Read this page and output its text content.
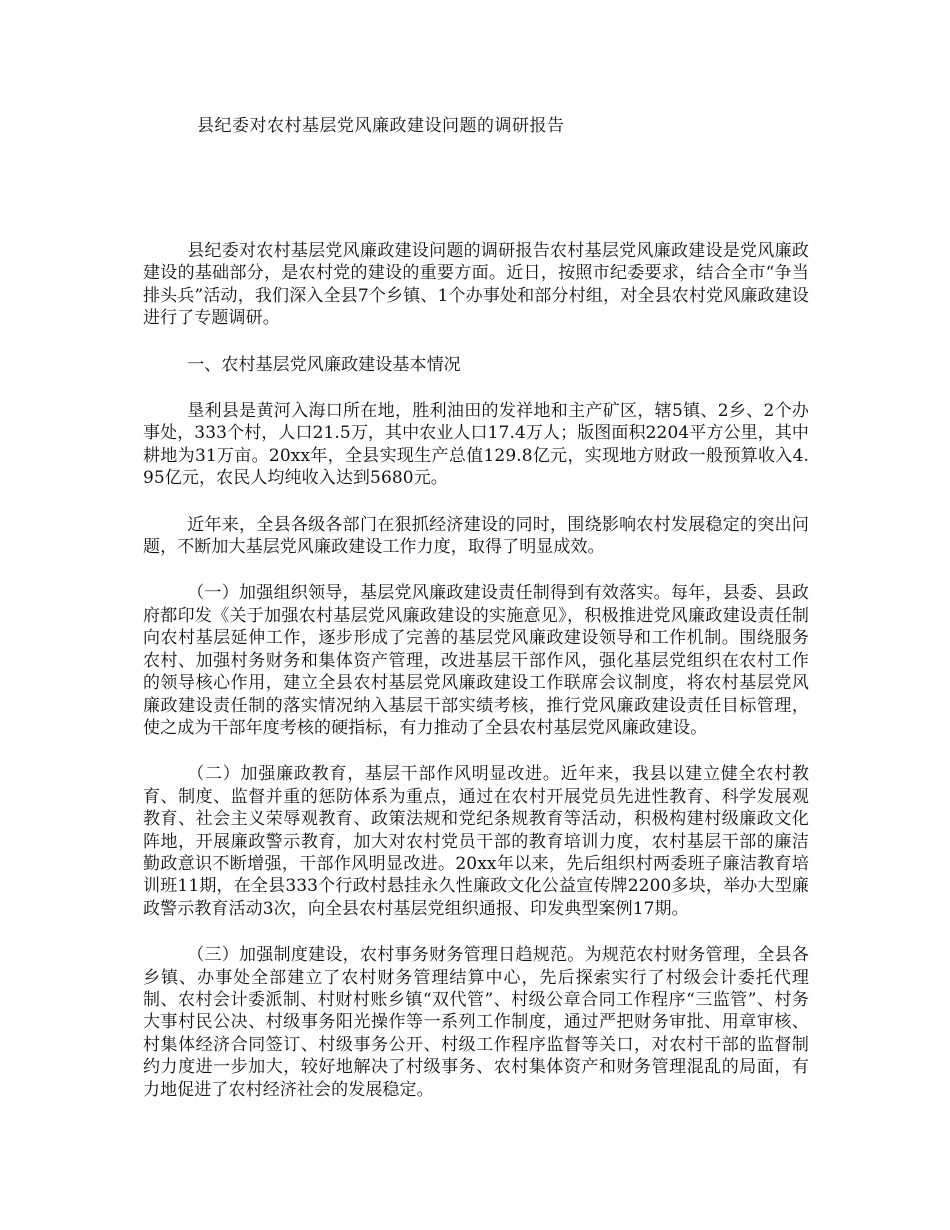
县纪委对农村基层党风廉政建设问题的调研报告

县纪委对农村基层党风廉政建设问题的调研报告农村基层党风廉政建设是党风廉政建设的基础部分，是农村党的建设的重要方面。近日，按照市纪委要求，结合全市“争当排头兵”活动，我们深入全县7个乡镇、1个办事处和部分村组，对全县农村党风廉政建设进行了专题调研。

一、农村基层党风廉政建设基本情况

垦利县是黄河入海口所在地，胜利油田的发祥地和主产矿区，辖5镇、2乡、2个办事处，333个村，人口21.5万，其中农业人口17.4万人；版图面积2204平方公里，其中耕地为31万亩。20xx年，全县实现生产总值129.8亿元，实现地方财政一般预算收入4.95亿元，农民人均纯收入达到5680元。

近年来，全县各级各部门在狠抓经济建设的同时，围绕影响农村发展稳定的突出问题，不断加大基层党风廉政建设工作力度，取得了明显成效。

（一）加强组织领导，基层党风廉政建设责任制得到有效落实。每年，县委、县政府都印发《关于加强农村基层党风廉政建设的实施意见》，积极推进党风廉政建设责任制向农村基层延伸工作，逐步形成了完善的基层党风廉政建设领导和工作机制。围绕服务农村、加强村务财务和集体资产管理，改进基层干部作风，强化基层党组织在农村工作的领导核心作用，建立全县农村基层党风廉政建设工作联席会议制度，将农村基层党风廉政建设责任制的落实情况纳入基层干部实绩考核，推行党风廉政建设责任目标管理，使之成为干部年度考核的硬指标，有力推动了全县农村基层党风廉政建设。

（二）加强廉政教育，基层干部作风明显改进。近年来，我县以建立健全农村教育、制度、监督并重的惩防体系为重点，通过在农村开展党员先进性教育、科学发展观教育、社会主义荣辱观教育、政策法规和党纪条规教育等活动，积极构建村级廉政文化阵地，开展廉政警示教育，加大对农村党员干部的教育培训力度，农村基层干部的廉洁勤政意识不断增强，干部作风明显改进。20xx年以来，先后组织村两委班子廉洁教育培训班11期，在全县333个行政村悬挂永久性廉政文化公益宣传牌2200多块，举办大型廉政警示教育活动3次，向全县农村基层党组织通报、印发典型案例17期。

（三）加强制度建设，农村事务财务管理日趋规范。为规范农村财务管理，全县各乡镇、办事处全部建立了农村财务管理结算中心，先后探索实行了村级会计委托代理制、农村会计委派制、村财村账乡镇“双代管”、村级公章合同工作程序“三监管”、村务大事村民公决、村级事务阳光操作等一系列工作制度，通过严把财务审批、用章审核、村集体经济合同签订、村级事务公开、村级工作程序监督等关口，对农村干部的监督制约力度进一步加大，较好地解决了村级事务、农村集体资产和财务管理混乱的局面，有力地促进了农村经济社会的发展稳定。
